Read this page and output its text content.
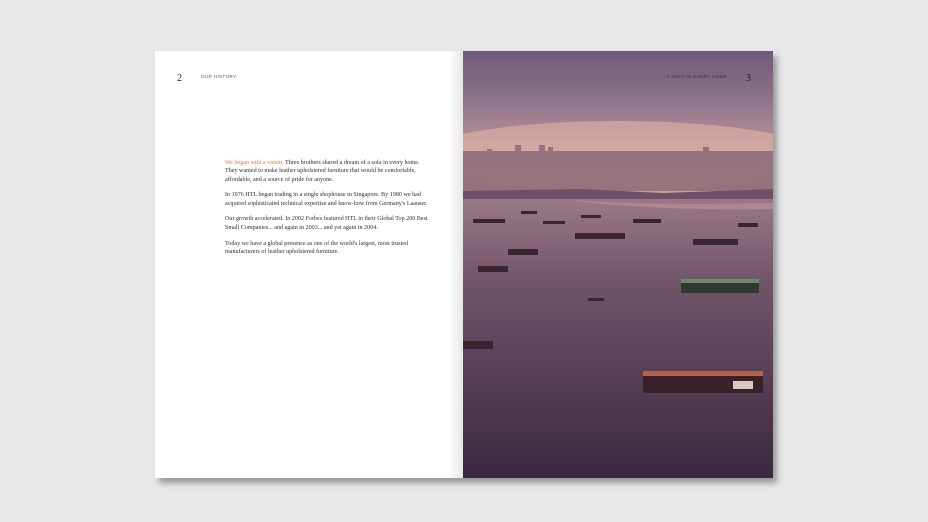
2	OUR HISTORY

We began with a vision. Three brothers shared a dream of a sofa in every home. They wanted to make leather upholstered furniture that would be comfortable, affordable, and a source of pride for anyone.

In 1976 HTL began trading in a single shophouse in Singapore. By 1980 we had acquired sophisticated technical expertise and know-how from Germany's Laauser.

Our growth accelerated. In 2002 Forbes featured HTL in their Global Top 200 Best Small Companies... and again in 2003... and yet again in 2004.

Today we have a global presence as one of the world's largest, most trusted manufacturers of leather upholstered furniture.

3
A SOFA IN EVERY HOME
